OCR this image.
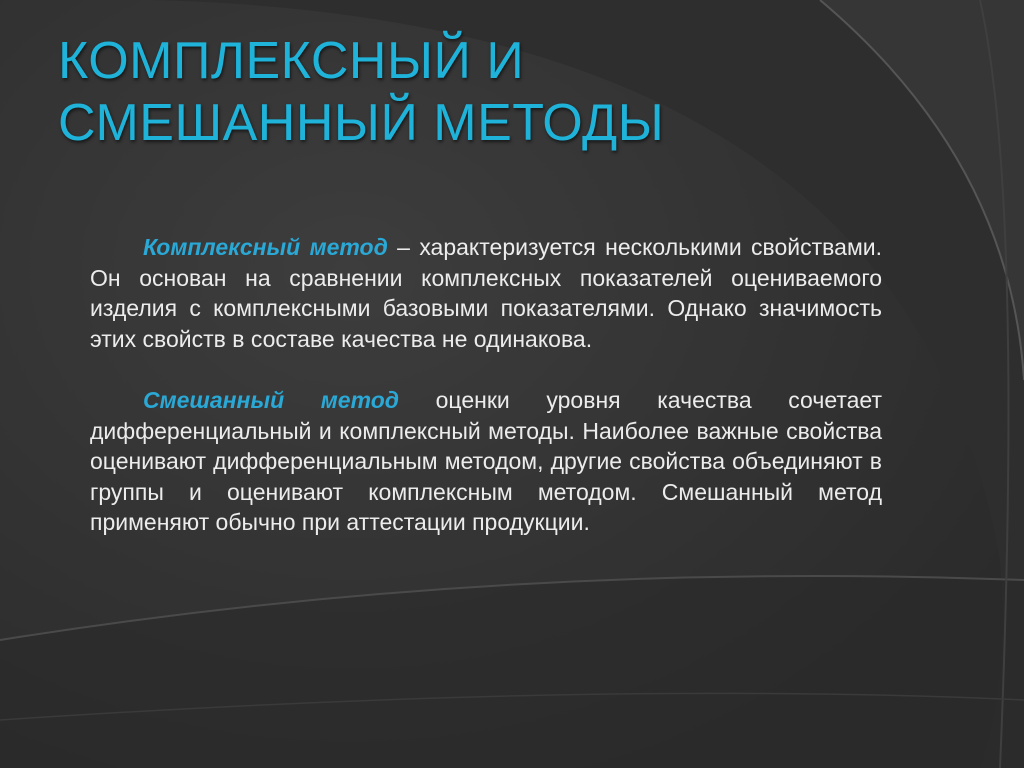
КОМПЛЕКСНЫЙ И
СМЕШАННЫЙ МЕТОДЫ

Комплексный метод – характеризуется несколькими свойствами. Он основан на сравнении комплексных показателей оцениваемого изделия с комплексными базовыми показателями. Однако значимость этих свойств в составе качества не одинакова.

Смешанный метод оценки уровня качества сочетает дифференциальный и комплексный методы. Наиболее важные свойства оценивают дифференциальным методом, другие свойства объединяют в группы и оценивают комплексным методом. Смешанный метод применяют обычно при аттестации продукции.
